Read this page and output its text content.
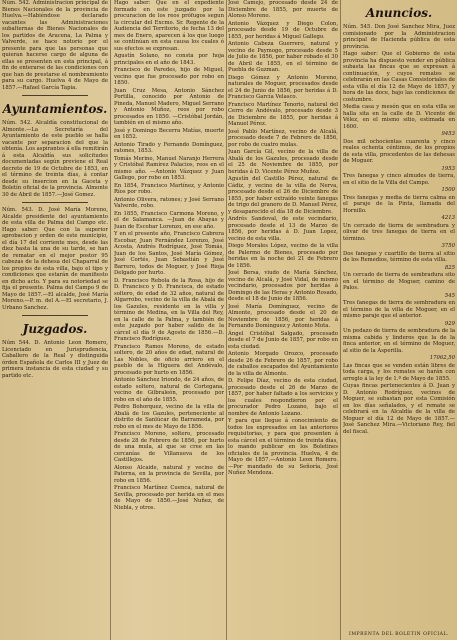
Núm. 542. Administracion principal de Bienes Nacionales de la provincia de Huelva.—Habiéndose declarado vacantes las Administraciones subalternas de Bienes Nacionales de los partidos de Aracena, La Palma y Valverde, se hace notorio por el presente para que las personas que quieran hacerse cargo de alguna de ellas se presenten en esta principal, á fin de enterarse de las condiciones con que han de prestarse el nombramiento para su cargo. Huelva 4 de Mayo de 1857.—Rafael García Tapia.

Ayuntamientos.

Núm. 542. Alcaldía constitucional de Almonte.—La Secretaría del Ayuntamiento de este pueblo se halla vacante por separacion del que la obtenía. Los aspirantes á ella remitirán á esta Alcaldía sus solicitudes documentadas según previene el Real decreto de 19 de Octubre de 1853, en el término de treinta días, á contar desde su insercion en la Gaceta y Boletín oficial de la provincia. Almonte 30 de Abril de 1857.—José Gomez.

Núm. 543. D. José María Moreno, Alcalde presidente del ayuntamiento de esta villa de Palma del Campo etc. Hago saber: Que con la superior aprobacion y orden de este municipio, el día 17 del corriente mes, desde las diez hasta la una de su tarde, se han de rematar en el mejor postor 95 cabezas de la dehesa del Chaparral de los propios de esta villa, bajo el tipo y condiciones que estarán de manifiesto en dicho acto. Y para su notoriedad se fija el presente. Palma del Campo 9 de Mayo de 1857.—El alcalde, José María Moreno.—P. m. del A.—El secretario, J. Urbano Sanchez.

Juzgados.

Núm 544. D. Antonio Leon Romero, Licenciado en Jurisprudencia, Caballero de la Real y distinguida órden Española de Carlos III y Juez de primera instancia de esta ciudad y su partido etc.

Hago saber: Que en el expediente formado en este juzgado por la procuracion de los reos prófugos segun la circular del Excmo. Sr. Regente de la Audiencia del Territorio, de fecha 13 del mes de Enero, aparecen á los que luego se continúan en esta causa los cuales ó sus efectos se expresan.

Agustín Solano, no consta por hoja principales en el año de 1843.

Francisco de Paredes, hijo de Miguel, vecino que fue procesado por robo en 1850.

Juan Cruz Mesa, Antonio Sánchez Portilla, conocido por Antonio de Pineda, Manuel Madero, Miguel Serrano y Antonio Muñoz, reos por robo procesados en 1850. —Cristóbal Jordán, también en el mismo año.

José y Domingo Becerra Matías, muerte en 1852.

Antonio Tirado y Fernando Domínguez, ratones, 1853.

Tomás Merino, Manuel Naranjo Herrera y Cristóbal Ramírez Palacios, reos en el mismo año. —Antonio Vázquez y Juan Gallego, por robo en 1853.

En 1854, Francisco Martínez, y Antonio Ríos por robo.

Antonio Olivera, ratones; y José Serrano Valverde, robo.

En 1855, Francisco Carmona Moreno, y el de Salamanca. —Juan de Abayas y Juan de Escobar Lorenzo, en ese año.

Y en el presente año, Francisco Cabrera Escobar, Juan Fernández Lorenzo, José Acosta, Andrés Rodríguez, José Tomás, Juan de los Santos, José María Gómez, José Cortés, Juan Sebastián y José Barrero, todos de Moguer, y José Rioja Delgado por hurto.

D. Francisco Rebola de la Rosa, hijo de D. Francisco y D. Francisca, de estado soltero, de edad de 32 años, natural de Algarrobo, vecino de la villa de Abalá de los Gazules, residente en la villa y término de Medina, en la Villa del Rey, en la calle de la Palma, y también de este juzgado por haber salido de la cárcel el día 9 de Agosto de 1856.—D. Francisco Rodríguez.

Francisco Ramos Moreno, de estado soltero, de 20 años de edad, natural de Las Nobles, de oficio arriero en el pueblo de la Higuera del Andévalo, procesado por hurto en 1856.

Antonio Sánchez Iriondo, de 24 años, de estado soltero, natural de Cortegana, vecino de Gilbraleón, procesado por robo en el año de 1855.

Pedro Bohorquez, vecino de la villa de Abalá de los Gazules, perteneciente al distrito de Sanlúcar de Barrameda, por robo en el mes de Mayo de 1856.

Francisco Moreno, soltero, procesado desde 28 de Febrero de 1856, por hurto de una mula, al que se cree en las cercanías de Villanueva de los Castillejos.

Alonso Alcaide, natural y vecino de Paterna, en la provincia de Sevilla, por robo en 1856.

Francisco Martínez Cuenca, natural de Sevilla, procesado por herida en el mes de Mayo de 1856.—José Nuñez, de Niebla, y otros.

José Camejo, procesado desde 24 de Diciembre de 1855, por muerte de Alonso Moreno.

Antonio Vázquez y Diego Colon, procesado desde 19 de Octubre de 1855, por heridas á Miguel Gallego.

Antonio Cabeza Guerrero, natural y vecino de Paymogo, procesado desde 5 de Julio de 1856, por haber robado el 30 de Abril de 1855, en el término de Puebla de Guzman.

Diego Gómez y Antonio Moreno, naturales de Moguer, procesados desde el 24 de Junio de 1856, por heridas á D. Francisco García Velasco.

Francisco Martínez Tenorio, natural del Cerro de Andévalo, procesado desde 3 de Diciembre de 1855, por heridas á Manuel Pérez.

José Pablo Martínez, vecino de Alcalá, procesado desde 7 de Febrero de 1856, por robo de cuatro mulas.

Juan García Gil, vecino de la villa de Abalá de los Gazules, procesado desde el 25 de Noviembre de 1855, por heridas á D. Vicente Pérez Muñoz.

Agustín del Castillo Pérez, natural de Cádiz, y vecino de la villa de Nerva, procesado desde el 26 de Diciembre de 1855, por haber extraído veinte fanegas de trigo del granero de D. Manuel Pérez, y desaparecido el día 18 de Diciembre.

Andrés Sandoval, de este vecindario, procesado desde el 13 de Marzo de 1856, por heridas á D. Juan Lopez, vecino de esta villa.

Diego Morales López, vecino de la villa de Palermo de Bienes, procesado por heridas en la noche del 21 de Febrero de 1856.

José Bersa, viudo de María Sánchez, vecino de Alcalá, y José Vidal, de mismo vecindario, procesados por heridas á Domingo de las Heras y Antonio Rosado, desde el 18 de Junio de 1856.

José María Domínguez, vecino de Almonte, procesado desde el 20 de Noviembre de 1856, por heridas á Fernando Domínguez y Antonio Mota.

Ángel Cristóbal Salgado, procesado desde el 7 de Junio de 1857, por robo en esta ciudad.

Antonio Morgado Orozco, procesado desde 26 de Febrero de 1857, por robo de caballos escapados del Ayuntamiento de la villa de Almonte.

D. Felipe Díaz, vecino de esta ciudad, procesado desde el 26 de Marzo de 1857, por haber faltado a los servicios y los cuales respondieron por el procurador Pedro Lozano, bajo el nombre de Antonio Lozano.

Y para que llegue á conocimiento de todos los expresados en las anteriores requisitorias, y para que presenten á esta cárcel en el término de treinta días, lo mando publicar en los Boletines oficiales de la provincia. Huelva, 4 de Mayo de 1857.—Antonio Leon Romero.—Por mandado de su Señoría, José Nuñez Mendoza.

Anuncios.

Núm. 545. Don José Sanchez Mira, Juez comisionado por la Administracion principal de Hacienda pública de esta provincia.

Hago saber: Que el Gobierno de esta provincia ha dispuesto vender en pública subasta las fincas que se expresan á continuación, y cuyos remates se celebrarán en las Casas Consistoriales de esta villa el día 12 de Mayo de 1857, y hora de las doce, bajo las condiciones de costumbre.

Media casa y mesón que en esta villa se halla sita en la calle de D. Vicente de Vélez, en el mismo sitio, estimada en 1600.

9453

Dos mil ochocientas cuarenta y cinco reales ochenta céntimos, de los propios de esta villa, procedentes de las dehesas de Moguer.

1953

Tres fanegas y cinco almudes de tierra, en el sitio de la Villa del Campo.

1500

Tres fanegas y media de tierra calma en el paraje de la Pinta, llamada del Hornillo.

4213

Un cercado de tierra de sembradura y olivar de tres fanegas de tierra en el término.

3750

Dos fanegas y cuartillo de tierra al sitio de los Remedios, término de esta villa.

825

Un cercado de tierra de sembradura sito en el término de Moguer, camino de Palos.

545

Tres fanegas de tierra de sembradura en el término de la villa de Moguer, en el mismo paraje que el anterior.

929

Un pedazo de tierra de sembradura de la misma cabida y linderos que la de la finca anterior, en el término de Moguer, al sitio de la Asperilla.

17062,50

Las fincas que se venden están libres de toda carga, y los remates se harán con arreglo á la ley de 1.º de Mayo de 1855.

Cuyas fincas pertenecientes á D. Juan y D. Antonio Rodríguez, vecinos de Moguer, se subastan por esta Comisión en los días señalados, y el remate se celebrará en la Alcaldía de la villa de Moguer el día 12 de Mayo de 1857.—José Sanchez Mira.—Victoriano Rey, fiel del fiscal.

IMPRENTA DEL BOLETIN OFICIAL.
